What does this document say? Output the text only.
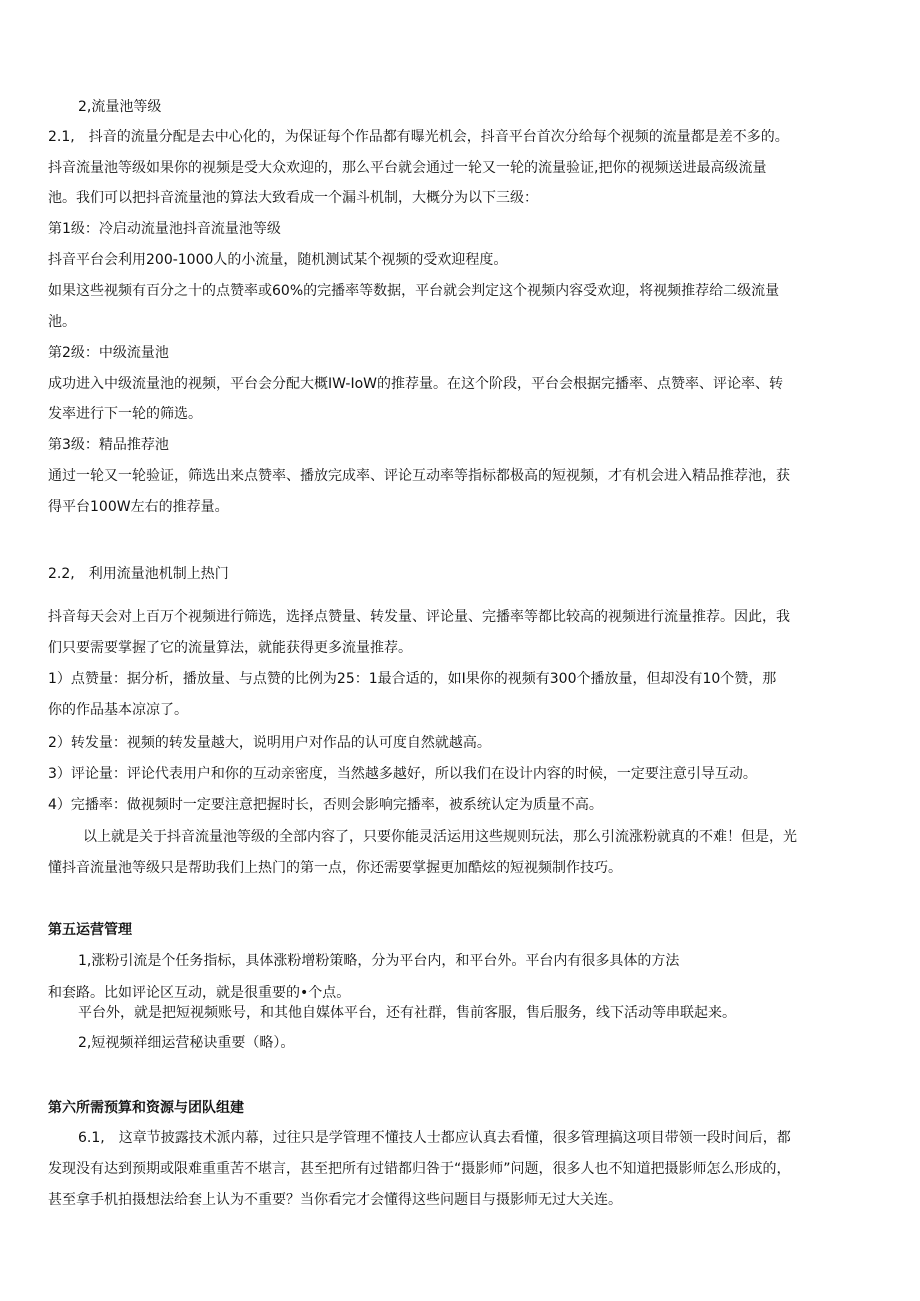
2,流量池等级
2.1,　抖音的流量分配是去中心化的，为保证每个作品都有曝光机会，抖音平台首次分给每个视频的流量都是差不多的。
抖音流量池等级如果你的视频是受大众欢迎的，那么平台就会通过一轮又一轮的流量验证,把你的视频送进最高级流量
池。我们可以把抖音流量池的算法大致看成一个漏斗机制，大概分为以下三级：
第1级：冷启动流量池抖音流量池等级
抖音平台会利用200-1000人的小流量，随机测试某个视频的受欢迎程度。
如果这些视频有百分之十的点赞率或60%的完播率等数据，平台就会判定这个视频内容受欢迎，将视频推荐给二级流量
池。
第2级：中级流量池
成功进入中级流量池的视频，平台会分配大概IW-IoW的推荐量。在这个阶段，平台会根据完播率、点赞率、评论率、转
发率进行下一轮的筛选。
第3级：精品推荐池
通过一轮又一轮验证，筛选出来点赞率、播放完成率、评论互动率等指标都极高的短视频，才有机会进入精品推荐池，获
得平台100W左右的推荐量。
2.2,　利用流量池机制上热门
抖音每天会对上百万个视频进行筛选，选择点赞量、转发量、评论量、完播率等都比较高的视频进行流量推荐。因此，我
们只要需要掌握了它的流量算法，就能获得更多流量推荐。
1）点赞量：据分析，播放量、与点赞的比例为25：1最合适的，如I果你的视频有300个播放量，但却没有10个赞，那
你的作品基本凉凉了。
2）转发量：视频的转发量越大，说明用户对作品的认可度自然就越高。
3）评论量：评论代表用户和你的互动亲密度，当然越多越好，所以我们在设计内容的时候，一定要注意引导互动。
4）完播率：做视频时一定要注意把握时长，否则会影响完播率，被系统认定为质量不高。
以上就是关于抖音流量池等级的全部内容了，只要你能灵活运用这些规则玩法，那么引流涨粉就真的不难！但是，光
懂抖音流量池等级只是帮助我们上热门的第一点，你还需要掌握更加酷炫的短视频制作技巧。
第五运营管理
1,涨粉引流是个任务指标，具体涨粉增粉策略，分为平台内，和平台外。平台内有很多具体的方法
和套路。比如评论区互动，就是很重要的•个点。
平台外，就是把短视频账号，和其他自媒体平台，还有社群，售前客服，售后服务，线下活动等串联起来。
2,短视频祥细运营秘诀重要（略）。
第六所需预算和资源与团队组建
6.1,　这章节披露技术派内幕，过往只是学管理不懂技人士都应认真去看懂，很多管理搞这项目带领一段时间后，都
发现没有达到预期或限难重重苦不堪言，甚至把所有过错都归咎于“摄影师”问题，很多人也不知道把摄影师怎么形成的，
甚至拿手机拍摄想法给套上认为不重要？当你看完才会懂得这些问题目与摄影师无过大关连。
